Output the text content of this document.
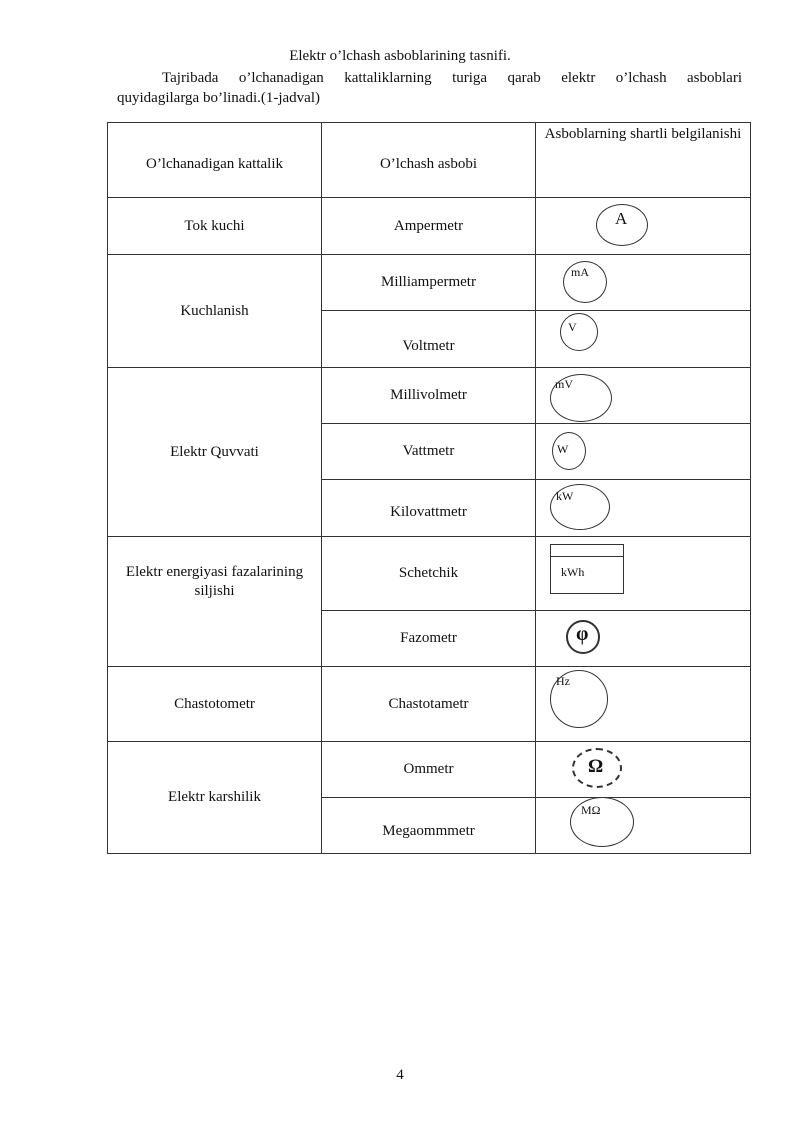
Elektr o’lchash asboblarining tasnifi.
Tajribada o’lchanadigan kattaliklarning turiga qarab elektr o’lchash asboblari
quyidagilarga bo’linadi.(1-jadval)
O’lchanadigan kattalik	O’lchash asbobi	Asboblarning shartli belgilanishi
Tok kuchi	Ampermetr	A

Kuchlanish	Milliampermetr	mA

	Voltmetr	V

Elektr Quvvati	Millivolmetr	mV

	Vattmetr	W

	Kilovattmetr	kW

Elektr energiyasi fazalarining siljishi	Schetchik	kWh

	Fazometr	φ

Chastotometr	Chastotametr	Hz

Elektr karshilik	Ommetr	Ω

	Megaommmetr	MΩ
4
